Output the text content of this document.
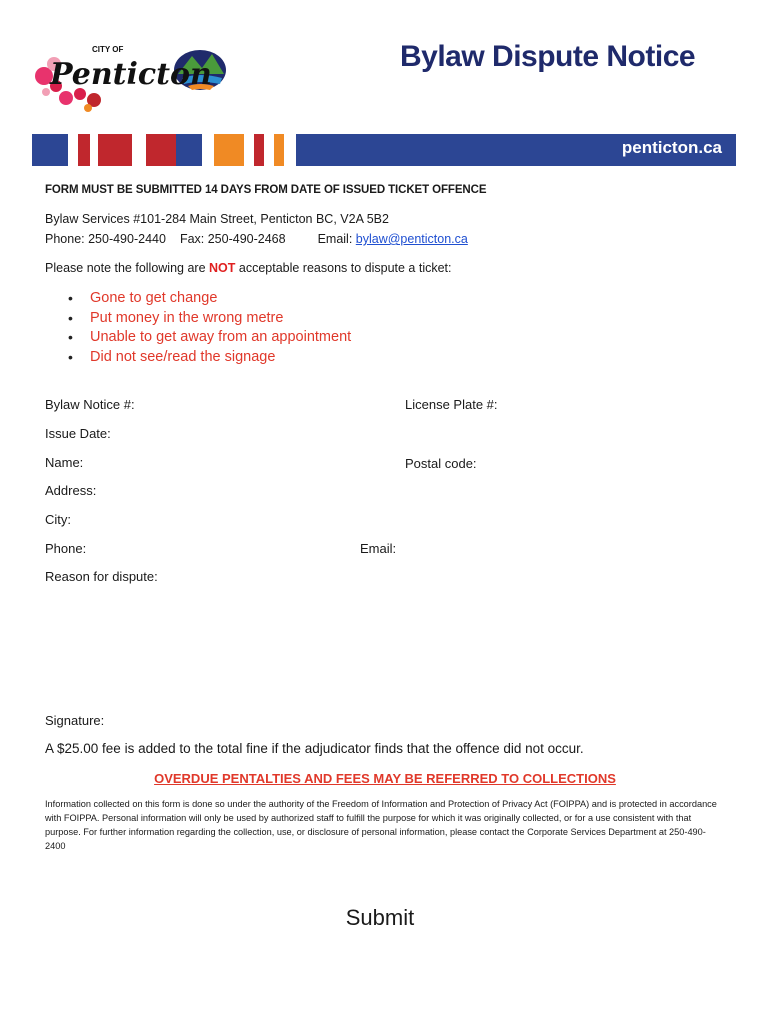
CITY OF
Penticton
Bylaw Dispute Notice
penticton.ca
FORM MUST BE SUBMITTED 14 DAYS FROM DATE OF ISSUED TICKET OFFENCE
Bylaw Services #101-284 Main Street, Penticton BC, V2A 5B2
Phone: 250-490-2440 Fax: 250-490-2468	Email: bylaw@penticton.ca
Please note the following are NOT acceptable reasons to dispute a ticket:
• Gone to get change
• Put money in the wrong metre
• Unable to get away from an appointment
• Did not see/read the signage
Bylaw Notice #:	License Plate #:
Issue Date:
Name:	Postal code:
Address:
City:
Phone:	Email:
Reason for dispute:
Signature:
A $25.00 fee is added to the total fine if the adjudicator finds that the offence did not occur.
OVERDUE PENTALTIES AND FEES MAY BE REFERRED TO COLLECTIONS
Information collected on this form is done so under the authority of the Freedom of Information and Protection of Privacy Act (FOIPPA) and is protected in accordance with FOIPPA. Personal information will only be used by authorized staff to fulfill the purpose for which it was originally collected, or for a use consistent with that purpose. For further information regarding the collection, use, or disclosure of personal information, please contact the Corporate Services Department at 250-490-2400
Submit
